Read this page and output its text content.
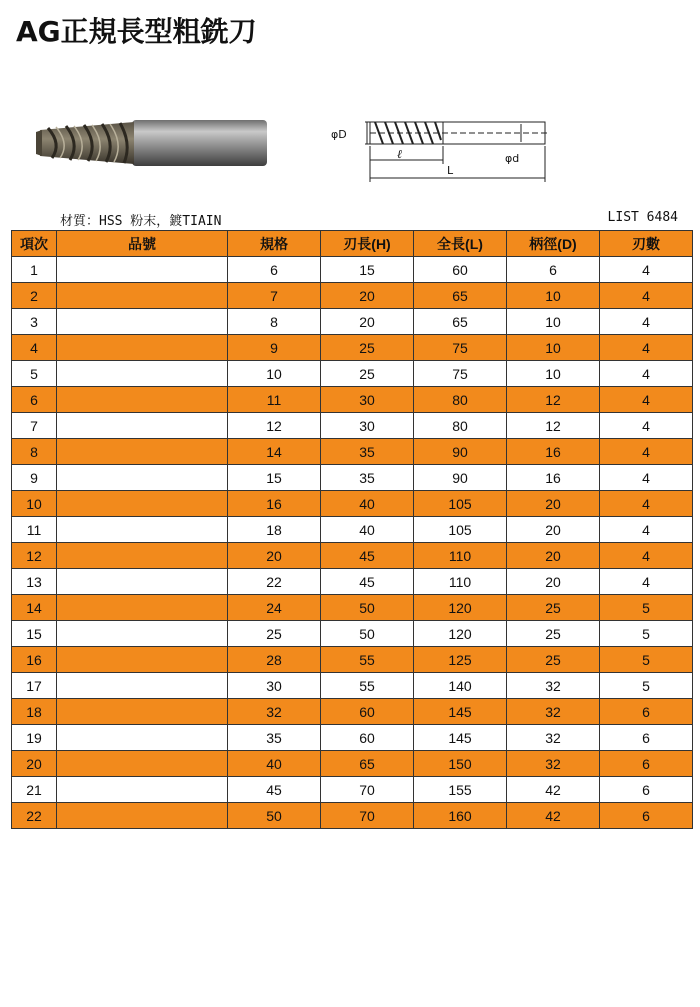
AG正規長型粗銑刀
φD
ℓ	φd
L
材質：HSS 粉末，鍍TIAIN	LIST 6484
項次	品號	規格	刃長(H)	全長(L)	柄徑(D)	刃數
1		6	15	60	6	4
2		7	20	65	10	4
3		8	20	65	10	4
4		9	25	75	10	4
5		10	25	75	10	4
6		11	30	80	12	4
7		12	30	80	12	4
8		14	35	90	16	4
9		15	35	90	16	4
10		16	40	105	20	4
11		18	40	105	20	4
12		20	45	110	20	4
13		22	45	110	20	4
14		24	50	120	25	5
15		25	50	120	25	5
16		28	55	125	25	5
17		30	55	140	32	5
18		32	60	145	32	6
19		35	60	145	32	6
20		40	65	150	32	6
21		45	70	155	42	6
22		50	70	160	42	6
